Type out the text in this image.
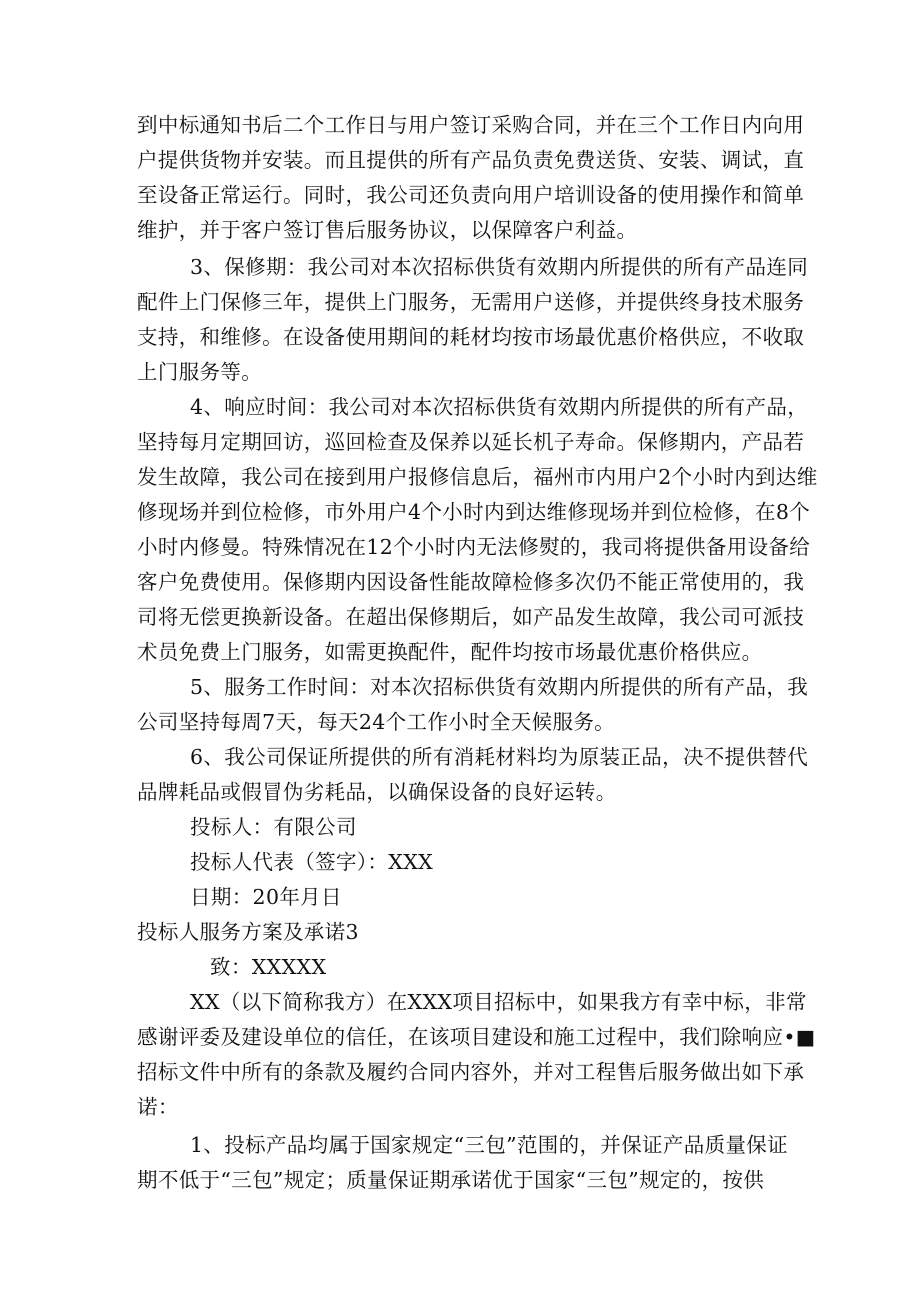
到中标通知书后二个工作日与用户签订采购合同，并在三个工作日内向用
户提供货物并安装。而且提供的所有产品负责免费送货、安装、调试，直
至设备正常运行。同时，我公司还负责向用户培训设备的使用操作和简单
维护，并于客户签订售后服务协议，以保障客户利益。
3、保修期：我公司对本次招标供货有效期内所提供的所有产品连同
配件上门保修三年，提供上门服务，无需用户送修，并提供终身技术服务
支持，和维修。在设备使用期间的耗材均按市场最优惠价格供应，不收取
上门服务等。
4、响应时间：我公司对本次招标供货有效期内所提供的所有产品，
坚持每月定期回访，巡回检查及保养以延长机子寿命。保修期内，产品若
发生故障，我公司在接到用户报修信息后，福州市内用户2个小时内到达维
修现场并到位检修，市外用户4个小时内到达维修现场并到位检修，在8个
小时内修曼。特殊情况在12个小时内无法修熨的，我司将提供备用设备给
客户免费使用。保修期内因设备性能故障检修多次仍不能正常使用的，我
司将无偿更换新设备。在超出保修期后，如产品发生故障，我公司可派技
术员免费上门服务，如需更换配件，配件均按市场最优惠价格供应。
5、服务工作时间：对本次招标供货有效期内所提供的所有产品，我
公司坚持每周7天，每天24个工作小时全天候服务。
6、我公司保证所提供的所有消耗材料均为原装正品，决不提供替代
品牌耗品或假冒伪劣耗品，以确保设备的良好运转。
投标人：有限公司
投标人代表（签字）：XXX
日期：20年月日
投标人服务方案及承诺3
致：XXXXX
XX（以下简称我方）在XXX项目招标中，如果我方有幸中标，非常
感谢评委及建设单位的信任，在该项目建设和施工过程中，我们除响应•■
招标文件中所有的条款及履约合同内容外，并对工程售后服务做出如下承
诺：
1、投标产品均属于国家规定“三包”范围的，并保证产品质量保证
期不低于“三包”规定；质量保证期承诺优于国家“三包”规定的，按供
